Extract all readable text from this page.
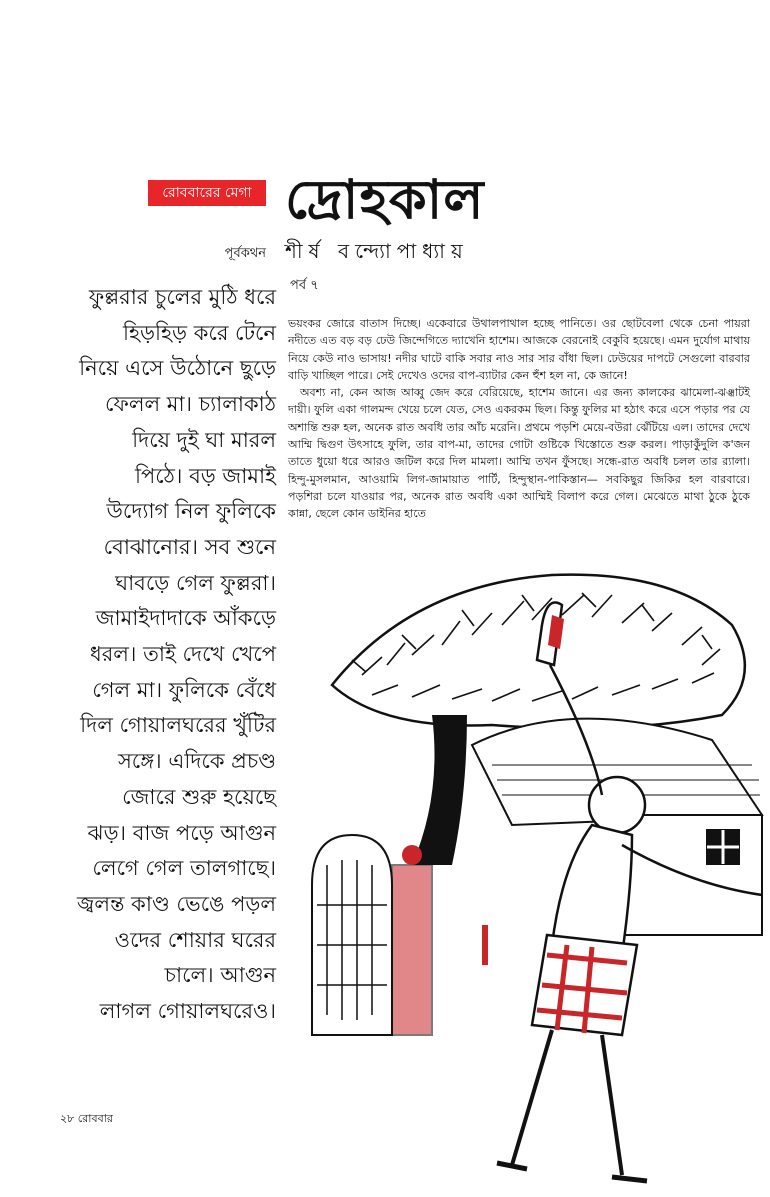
রোববারের মেগা দ্রোহকাল
শীর্ষ বন্দ্যোপাধ্যায়
পূর্বকথন
পর্ব ৭
ফুল্লরার চুলের মুঠি ধরে
হিড়হিড় করে টেনে
নিয়ে এসে উঠোনে ছুড়ে
ফেলল মা। চ্যালাকাঠ
দিয়ে দুই ঘা মারল
পিঠে। বড় জামাই
উদ্যোগ নিল ফুলিকে
বোঝানোর। সব শুনে
ঘাবড়ে গেল ফুল্লরা।
জামাইদাদাকে আঁকড়ে
ধরল। তাই দেখে খেপে
গেল মা। ফুলিকে বেঁধে
দিল গোয়ালঘরের খুঁটির
সঙ্গে। এদিকে প্রচণ্ড
জোরে শুরু হয়েছে
ঝড়। বাজ পড়ে আগুন
লেগে গেল তালগাছে।
জ্বলন্ত কাণ্ড ভেঙে পড়ল
ওদের শোয়ার ঘরের
চালে। আগুন
লাগল গোয়ালঘরেও।

ভয়ংকর জোরে বাতাস দিচ্ছে। একেবারে উথালপাথাল হচ্ছে পানিতে। ওর ছোটবেলা থেকে চেনা পায়রা নদীতে এত বড় বড় ঢেউ জিন্দেগিতে দ্যাখেনি হাশেম। আজকে বেরনোই বেকুবি হয়েছে। এমন দুর্যোগ মাথায় নিয়ে কেউ নাও ভাসায়! নদীর ঘাটে বাকি সবার নাও সার সার বাঁধা ছিল। ঢেউয়ের দাপটে সেগুলো বারবার বাড়ি খাচ্ছিল পারে। সেই দেখেও ওদের বাপ-ব্যাটার কেন হুঁশ হল না, কে জানে!

অবশ্য না, কেন আজ আব্বু জেদ করে বেরিয়েছে, হাশেম জানে। এর জন্য কালকের ঝামেলা-ঝঞ্ঝাটই দায়ী। ফুলি একা গালমন্দ খেয়ে চলে যেত, সেও একরকম ছিল। কিন্তু ফুলির মা হঠাৎ করে এসে পড়ার পর যে অশান্তি শুরু হল, অনেক রাত অবধি তার আঁচ মরেনি। প্রথমে পড়শি মেয়ে-বউরা ঝেঁটিয়ে এল। তাদের দেখে আম্মি দ্বিগুণ উৎসাহে ফুলি, তার বাপ-মা, তাদের গোটা গুষ্টিকে খিস্তোতে শুরু করল। পাড়াকুঁদুলি ক'জন তাতে ধুয়ো ধরে আরও জটিল করে দিল মামলা। আম্মি তখন ফুঁসছে। সন্ধে-রাত অবধি চলল তার র‍্যালা। হিন্দু-মুসলমান, আওয়ামি লিগ-জামায়াত পার্টি, হিন্দুস্থান-পাকিস্তান— সবকিছুর জিকির হল বারবারে। পড়শিরা চলে যাওয়ার পর, অনেক রাত অবধি একা আম্মিই বিলাপ করে গেল। মেঝেতে মাথা ঠুকে ঠুকে কান্না, ছেলে কোন ডাইনির হাতে

২৮ রোববার
